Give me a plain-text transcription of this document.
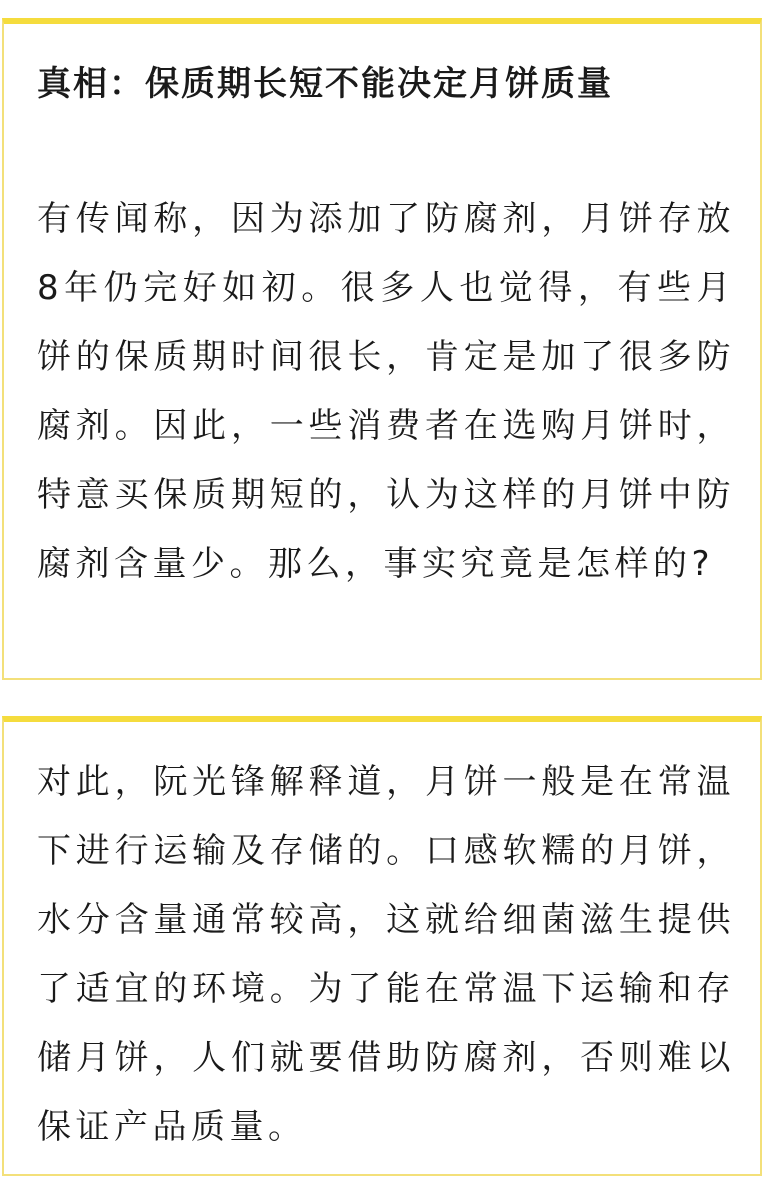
真相：保质期长短不能决定月饼质量

有传闻称，因为添加了防腐剂，月饼存放8年仍完好如初。很多人也觉得，有些月饼的保质期时间很长，肯定是加了很多防腐剂。因此，一些消费者在选购月饼时，特意买保质期短的，认为这样的月饼中防腐剂含量少。那么，事实究竟是怎样的?

对此，阮光锋解释道，月饼一般是在常温下进行运输及存储的。口感软糯的月饼，水分含量通常较高，这就给细菌滋生提供了适宜的环境。为了能在常温下运输和存储月饼，人们就要借助防腐剂，否则难以保证产品质量。
